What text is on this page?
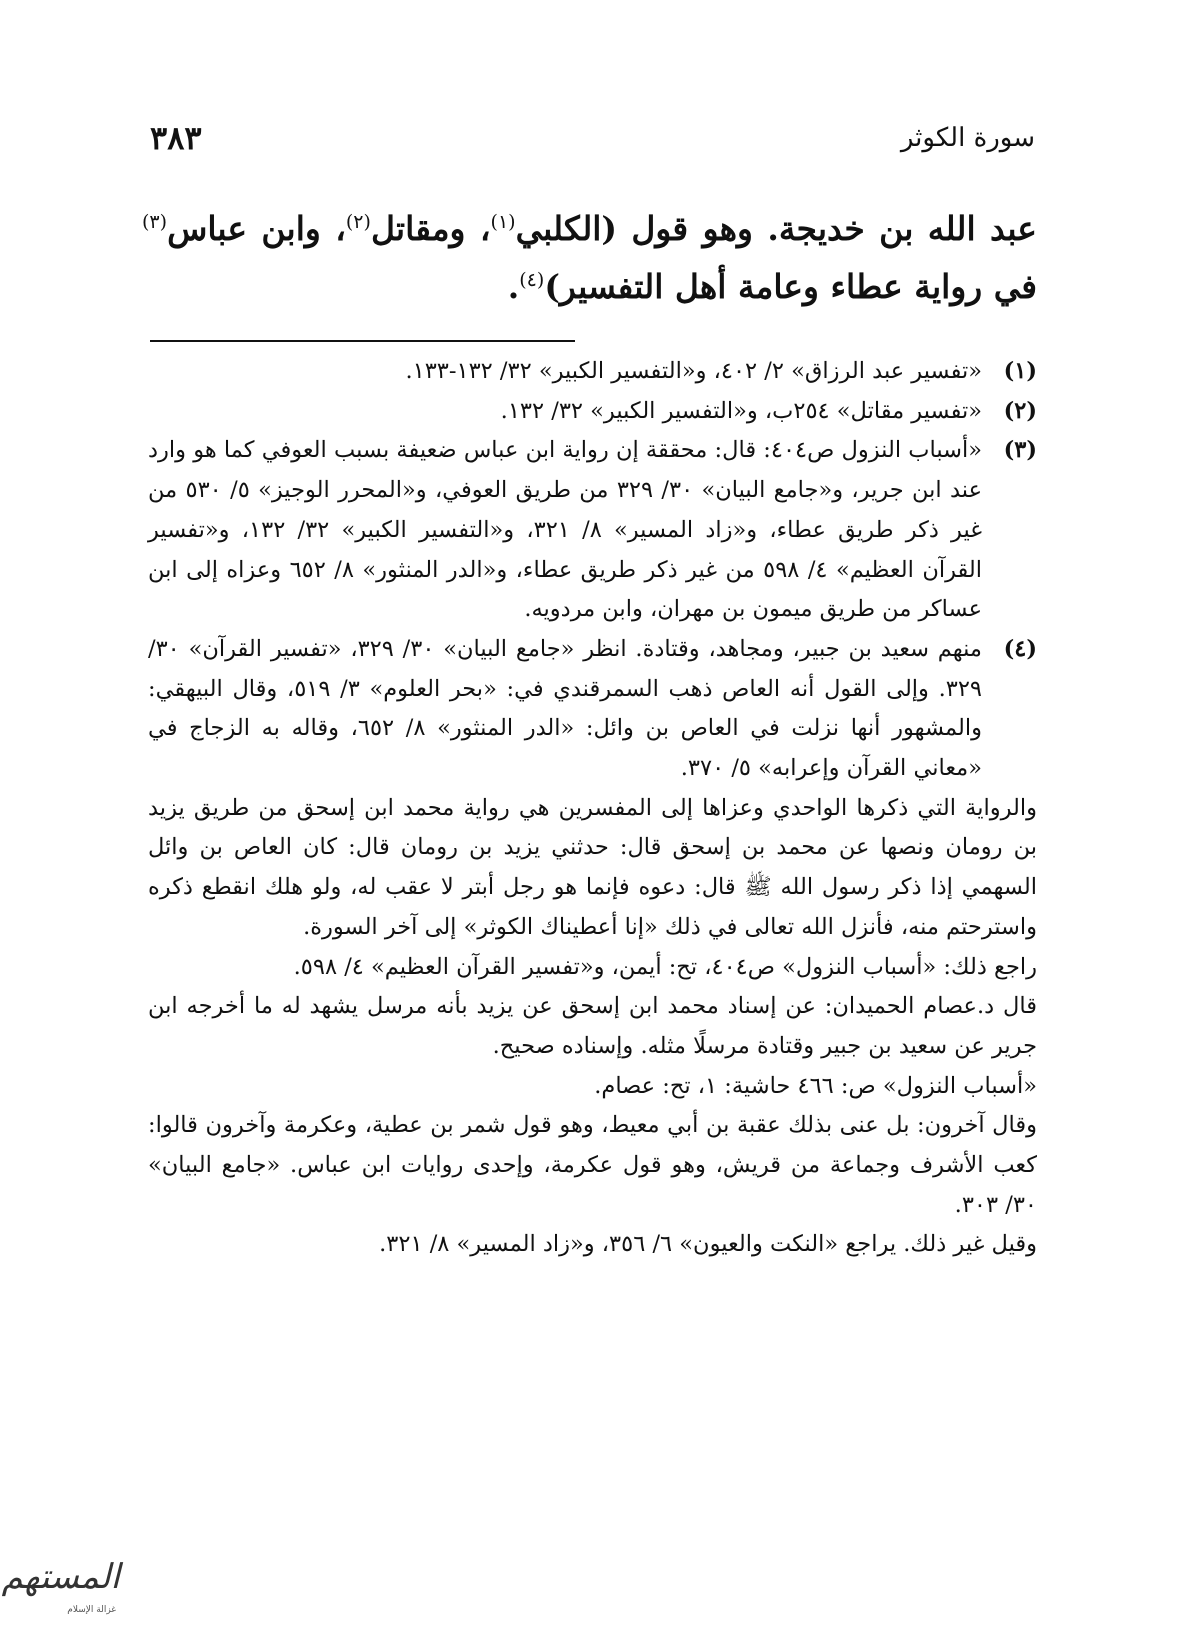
سورة الكوثر
٣٨٣
عبد الله بن خديجة. وهو قول (الكلبي$^{(١)}$، ومقاتل$^{(٢)}$، وابن عباس$^{(٣)}$ في رواية عطاء وعامة أهل التفسير)$^{(٤)}$.
(١)
«تفسير عبد الرزاق» ٢/ ٤٠٢، و«التفسير الكبير» ٣٢/ ١٣٢-١٣٣.
(٢)
«تفسير مقاتل» ٢٥٤ب، و«التفسير الكبير» ٣٢/ ١٣٢.
(٣)
«أسباب النزول ص٤٠٤: قال: محققة إن رواية ابن عباس ضعيفة بسبب العوفي كما هو وارد عند ابن جرير، و«جامع البيان» ٣٠/ ٣٢٩ من طريق العوفي، و«المحرر الوجيز» ٥/ ٥٣٠ من غير ذكر طريق عطاء، و«زاد المسير» ٨/ ٣٢١، و«التفسير الكبير» ٣٢/ ١٣٢، و«تفسير القرآن العظيم» ٤/ ٥٩٨ من غير ذكر طريق عطاء، و«الدر المنثور» ٨/ ٦٥٢ وعزاه إلى ابن عساكر من طريق ميمون بن مهران، وابن مردويه.
(٤)
منهم سعيد بن جبير، ومجاهد، وقتادة. انظر «جامع البيان» ٣٠/ ٣٢٩، «تفسير القرآن» ٣٠/ ٣٢٩. وإلى القول أنه العاص ذهب السمرقندي في: «بحر العلوم» ٣/ ٥١٩، وقال البيهقي: والمشهور أنها نزلت في العاص بن وائل: «الدر المنثور» ٨/ ٦٥٢، وقاله به الزجاج في «معاني القرآن وإعرابه» ٥/ ٣٧٠.
والرواية التي ذكرها الواحدي وعزاها إلى المفسرين هي رواية محمد ابن إسحق من طريق يزيد بن رومان ونصها عن محمد بن إسحق قال: حدثني يزيد بن رومان قال: كان العاص بن وائل السهمي إذا ذكر رسول الله ﷺ قال: دعوه فإنما هو رجل أبتر لا عقب له، ولو هلك انقطع ذكره واسترحتم منه، فأنزل الله تعالى في ذلك «إنا أعطيناك الكوثر» إلى آخر السورة.
راجع ذلك: «أسباب النزول» ص٤٠٤، تح: أيمن، و«تفسير القرآن العظيم» ٤/ ٥٩٨.
قال د.عصام الحميدان: عن إسناد محمد ابن إسحق عن يزيد بأنه مرسل يشهد له ما أخرجه ابن جرير عن سعيد بن جبير وقتادة مرسلًا مثله. وإسناده صحيح.
«أسباب النزول» ص: ٤٦٦ حاشية: ١، تح: عصام.
وقال آخرون: بل عنى بذلك عقبة بن أبي معيط، وهو قول شمر بن عطية، وعكرمة وآخرون قالوا: كعب الأشرف وجماعة من قريش، وهو قول عكرمة، وإحدى روايات ابن عباس. «جامع البيان» ٣٠/ ٣٠٣.
وقيل غير ذلك. يراجع «النكت والعيون» ٦/ ٣٥٦، و«زاد المسير» ٨/ ٣٢١.
المستهم
غزالة الإسلام
